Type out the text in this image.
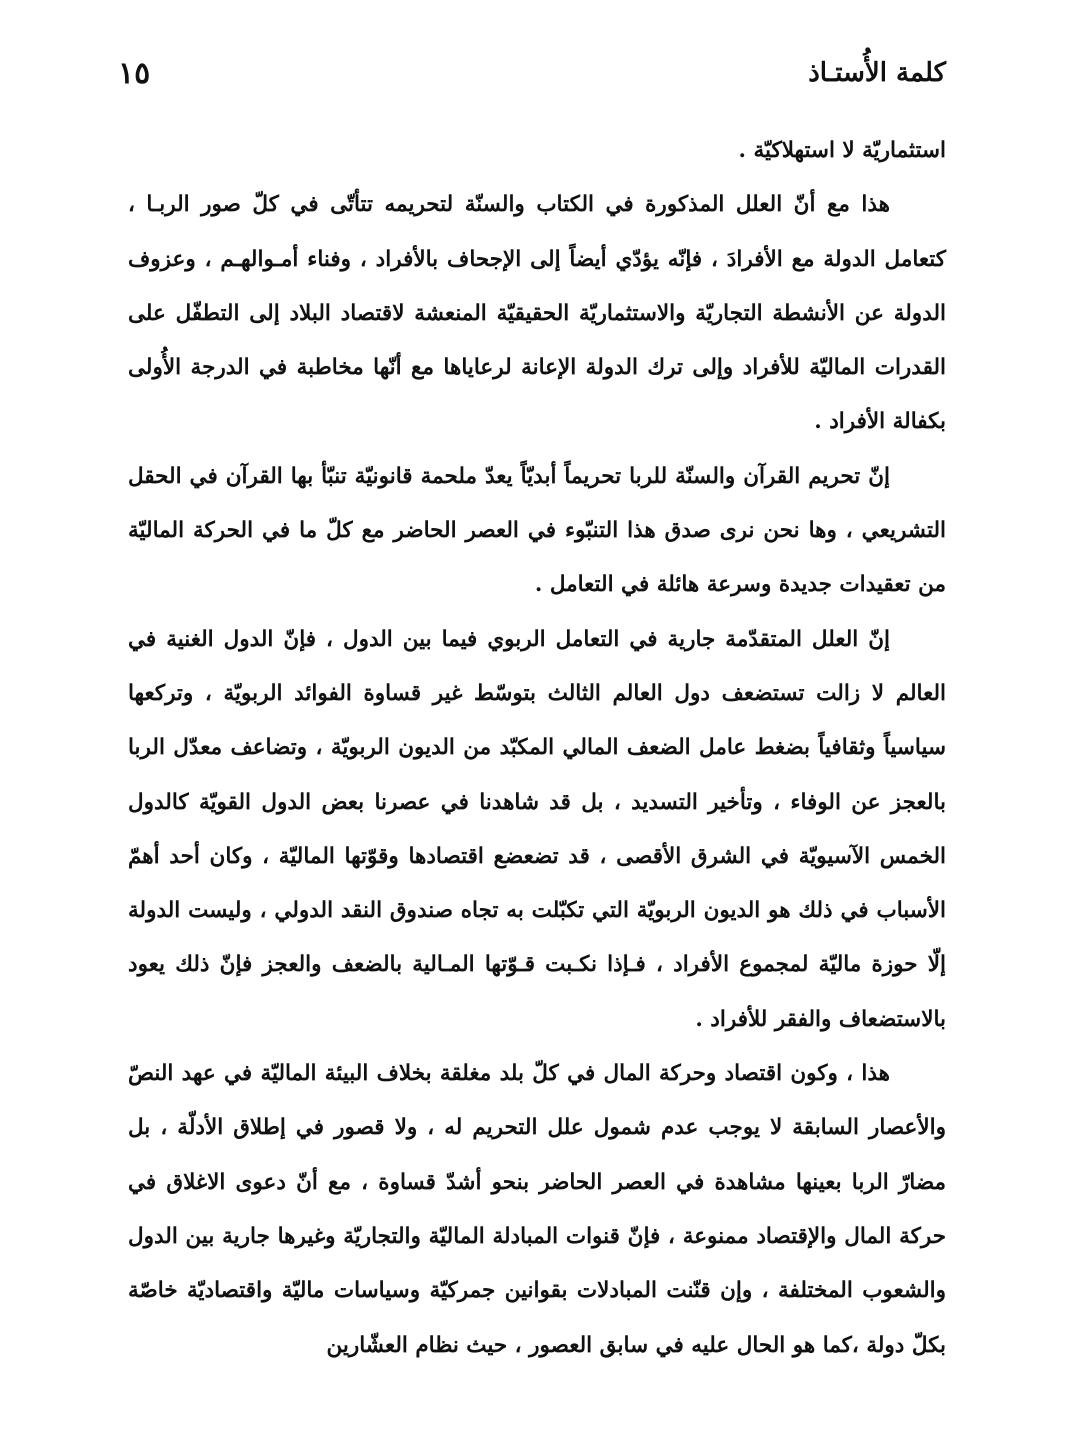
كلمة الأُستـاذ
١٥

استثماريّة لا استهلاكيّة .

هذا مع أنّ العلل المذكورة في الكتاب والسنّة لتحريمه تتأتّى في كلّ صور الربـا ، كتعامل الدولة مع الأفرادَ ، فإنّه يؤدّي أيضاً إلى الإجحاف بالأفراد ، وفناء أمـوالهـم ، وعزوف الدولة عن الأنشطة التجاريّة والاستثماريّة الحقيقيّة المنعشة لاقتصاد البلاد إلى التطفّل على القدرات الماليّة للأفراد وإلى ترك الدولة الإعانة لرعاياها مع أنّها مخاطبة في الدرجة الأُولى بكفالة الأفراد .

إنّ تحريم القرآن والسنّة للربا تحريماً أبديّاً يعدّ ملحمة قانونيّة تنبّأ بها القرآن في الحقل التشريعي ، وها نحن نرى صدق هذا التنبّوء في العصر الحاضر مع كلّ ما في الحركة الماليّة من تعقيدات جديدة وسرعة هائلة في التعامل .

إنّ العلل المتقدّمة جارية في التعامل الربوي فيما بين الدول ، فإنّ الدول الغنية في العالم لا زالت تستضعف دول العالم الثالث بتوسّط غير قساوة الفوائد الربويّة ، وتركعها سياسياً وثقافياً بضغط عامل الضعف المالي المكبّد من الديون الربويّة ، وتضاعف معدّل الربا بالعجز عن الوفاء ، وتأخير التسديد ، بل قد شاهدنا في عصرنا بعض الدول القويّة كالدول الخمس الآسيويّة في الشرق الأقصى ، قد تضعضع اقتصادها وقوّتها الماليّة ، وكان أحد أهمّ الأسباب في ذلك هو الديون الربويّة التي تكبّلت به تجاه صندوق النقد الدولي ، وليست الدولة إلّا حوزة ماليّة لمجموع الأفراد ، فـإذا نكـبت قـوّتها المـالية بالضعف والعجز فإنّ ذلك يعود بالاستضعاف والفقر للأفراد .

هذا ، وكون اقتصاد وحركة المال في كلّ بلد مغلقة بخلاف البيئة الماليّة في عهد النصّ والأعصار السابقة لا يوجب عدم شمول علل التحريم له ، ولا قصور في إطلاق الأدلّة ، بل مضارّ الربا بعينها مشاهدة في العصر الحاضر بنحو أشدّ قساوة ، مع أنّ دعوى الاغلاق في حركة المال والإقتصاد ممنوعة ، فإنّ قنوات المبادلة الماليّة والتجاريّة وغيرها جارية بين الدول والشعوب المختلفة ، وإن قنّنت المبادلات بقوانين جمركيّة وسياسات ماليّة واقتصاديّة خاصّة بكلّ دولة ،كما هو الحال عليه في سابق العصور ، حيث نظام العشّارين
